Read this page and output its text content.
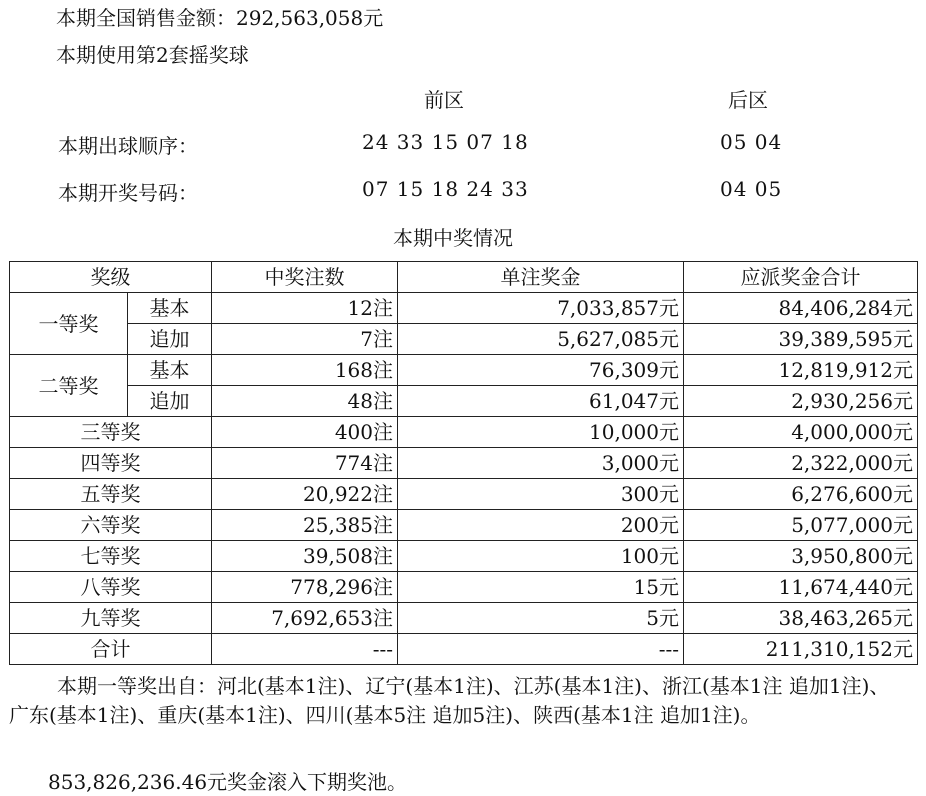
本期全国销售金额：292,563,058元
本期使用第2套摇奖球
前区	后区
本期出球顺序：	24 33 15 07 18	05 04
本期开奖号码：	07 15 18 24 33	04 05
本期中奖情况
奖级		中奖注数	单注奖金	应派奖金合计
一等奖	基本	12注	7,033,857元	84,406,284元
	追加	7注	5,627,085元	39,389,595元
二等奖	基本	168注	76,309元	12,819,912元
	追加	48注	61,047元	2,930,256元
三等奖		400注	10,000元	4,000,000元
四等奖		774注	3,000元	2,322,000元
五等奖		20,922注	300元	6,276,600元
六等奖		25,385注	200元	5,077,000元
七等奖		39,508注	100元	3,950,800元
八等奖		778,296注	15元	11,674,440元
九等奖		7,692,653注	5元	38,463,265元
合计		---	---	211,310,152元
本期一等奖出自：河北(基本1注)、辽宁(基本1注)、江苏(基本1注)、浙江(基本1注 追加1注)、广东(基本1注)、重庆(基本1注)、四川(基本5注 追加5注)、陕西(基本1注 追加1注)。
853,826,236.46元奖金滚入下期奖池。
